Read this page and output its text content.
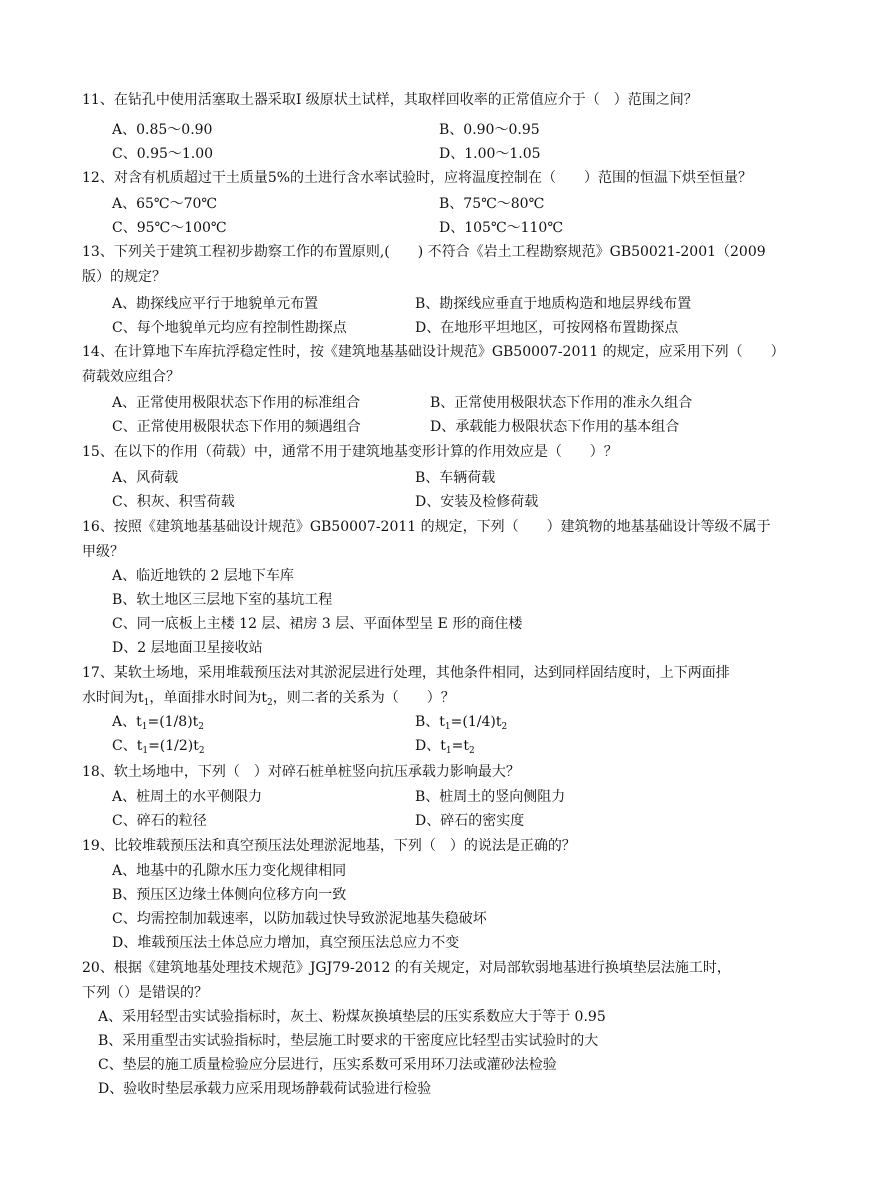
11、在钻孔中使用活塞取土器采取I 级原状土试样，其取样回收率的正常值应介于（　）范围之间？
A、0.85～0.90	B、0.90～0.95
C、0.95～1.00	D、1.00～1.05
12、对含有机质超过干土质量5%的土进行含水率试验时，应将温度控制在（　　）范围的恒温下烘至恒量？
A、65℃～70℃	B、75℃～80℃
C、95℃～100℃	D、105℃～110℃
13、下列关于建筑工程初步勘察工作的布置原则,(　　) 不符合《岩土工程勘察规范》GB50021-2001（2009
版）的规定？
A、勘探线应平行于地貌单元布置	B、勘探线应垂直于地质构造和地层界线布置
C、每个地貌单元均应有控制性勘探点	D、在地形平坦地区，可按网格布置勘探点
14、在计算地下车库抗浮稳定性时，按《建筑地基基础设计规范》GB50007-2011 的规定，应采用下列（　　）
荷载效应组合？
A、正常使用极限状态下作用的标准组合	B、正常使用极限状态下作用的准永久组合
C、正常使用极限状态下作用的频遇组合	D、承载能力极限状态下作用的基本组合
15、在以下的作用（荷载）中，通常不用于建筑地基变形计算的作用效应是（　　）？
A、风荷载	B、车辆荷载
C、积灰、积雪荷载	D、安装及检修荷载
16、按照《建筑地基基础设计规范》GB50007-2011 的规定，下列（　　）建筑物的地基基础设计等级不属于
甲级？
A、临近地铁的 2 层地下车库
B、软土地区三层地下室的基坑工程
C、同一底板上主楼 12 层、裙房 3 层、平面体型呈 E 形的商住楼
D、2 层地面卫星接收站
17、某软土场地，采用堆载预压法对其淤泥层进行处理，其他条件相同，达到同样固结度时，上下两面排
水时间为$t_1$，单面排水时间为$t_2$，则二者的关系为（　　）？
A、$t_1=(1/8)t_2$	B、$t_1=(1/4)t_2$
C、$t_1=(1/2)t_2$	D、$t_1=t_2$
18、软土场地中，下列（　）对碎石桩单桩竖向抗压承载力影响最大？
A、桩周土的水平侧限力	B、桩周土的竖向侧阻力
C、碎石的粒径	D、碎石的密实度
19、比较堆载预压法和真空预压法处理淤泥地基，下列（　）的说法是正确的？
A、地基中的孔隙水压力变化规律相同
B、预压区边缘土体侧向位移方向一致
C、均需控制加载速率，以防加载过快导致淤泥地基失稳破坏
D、堆载预压法土体总应力增加，真空预压法总应力不变
20、根据《建筑地基处理技术规范》JGJ79-2012 的有关规定，对局部软弱地基进行换填垫层法施工时，
下列（）是错误的？
A、采用轻型击实试验指标时，灰土、粉煤灰换填垫层的压实系数应大于等于 0.95
B、采用重型击实试验指标时，垫层施工时要求的干密度应比轻型击实试验时的大
C、垫层的施工质量检验应分层进行，压实系数可采用环刀法或灌砂法检验
D、验收时垫层承载力应采用现场静载荷试验进行检验
